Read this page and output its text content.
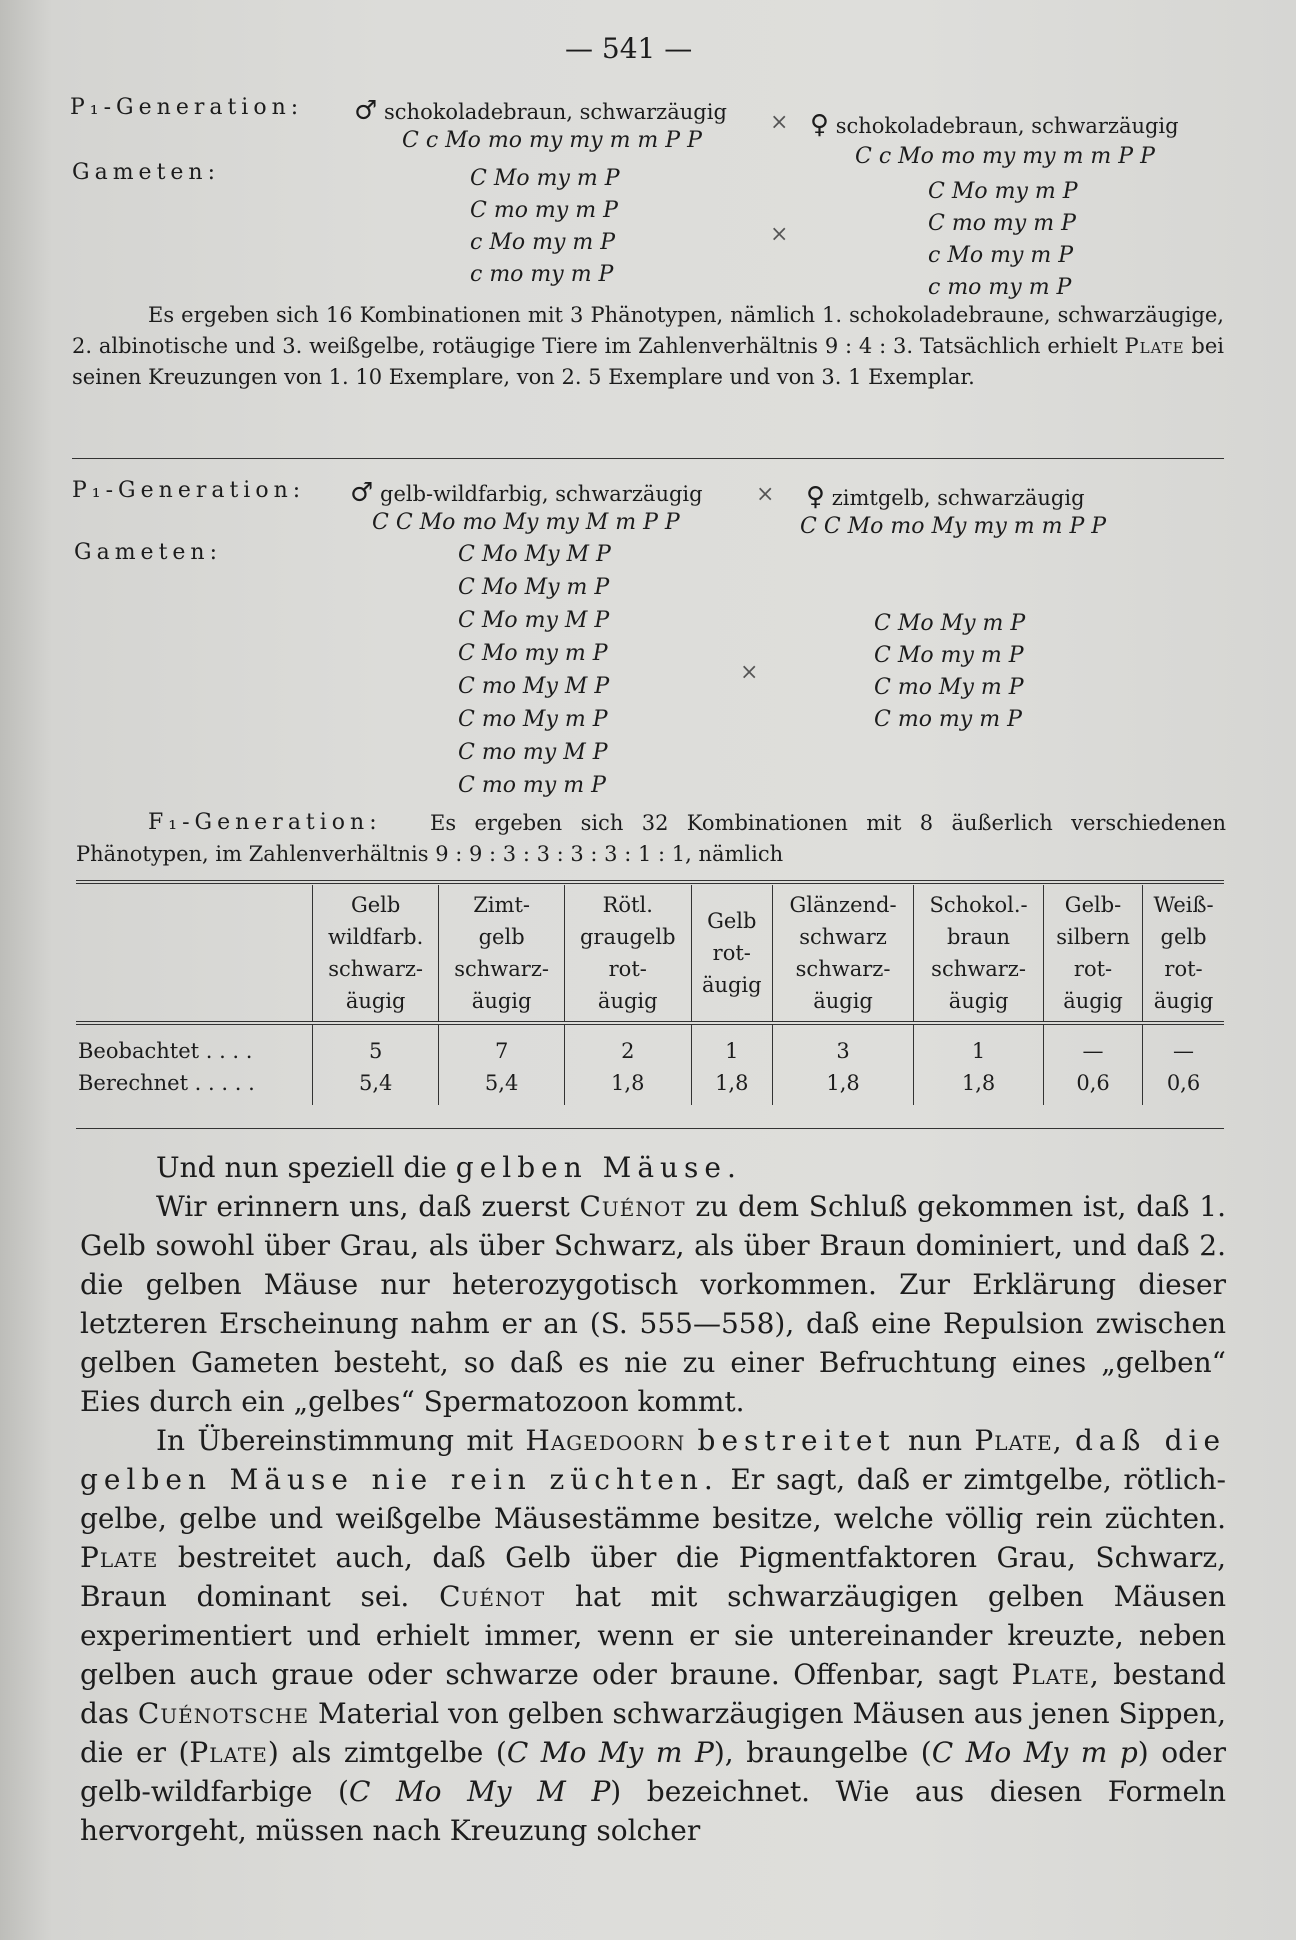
— 541 —
P₁-Generation: ♂ schokoladebraun, schwarzäugig × ♀ schokoladebraun, schwarzäugig
C c Mo mo my my m m P P
C c Mo mo my my m m P P
Gameten:	C Mo my m P
C mo my m P
c Mo my m P
c mo my m P
×
C Mo my m P
C mo my m P
c Mo my m P
c mo my m P

Es ergeben sich 16 Kombinationen mit 3 Phänotypen, nämlich 1. schokoladebraune, schwarzäugige, 2. albinotische und 3. weißgelbe, rotäugige Tiere im Zahlenverhältnis 9 : 4 : 3. Tatsächlich erhielt Plate bei seinen Kreuzungen von 1. 10 Exemplare, von 2. 5 Exemplare und von 3. 1 Exemplar.

P₁-Generation: ♂ gelb-wildfarbig, schwarzäugig × ♀ zimtgelb, schwarzäugig
C C Mo mo My my M m P P	C C Mo mo My my m m P P
Gameten:	C Mo My M P
C Mo My m P
C Mo my M P
C Mo my m P
C mo My M P
C mo My m P
C mo my M P
C mo my m P
×
C Mo My m P
C Mo my m P
C mo My m P
C mo my m P
F₁-Generation: Es ergeben sich 32 Kombinationen mit 8 äußerlich verschiedenen
Phänotypen, im Zahlenverhältnis 9 : 9 : 3 : 3 : 3 : 3 : 1 : 1, nämlich
	Gelb
wildfarb.
schwarz-
äugig	Zimt-
gelb
schwarz-
äugig	Rötl.
graugelb
rot-
äugig	Gelb
rot-
äugig	Glänzend-
schwarz
schwarz-
äugig	Schokol.-
braun
schwarz-
äugig	Gelb-
silbern
rot-
äugig	Weiß-
gelb
rot-
äugig
Beobachtet . . . .	5	7	2	1	3	1	—	—
Berechnet . . . . .	5,4	5,4	1,8	1,8	1,8	1,8	0,6	0,6

Und nun speziell die gelben Mäuse.

Wir erinnern uns, daß zuerst Cuénot zu dem Schluß gekommen ist, daß 1. Gelb sowohl über Grau, als über Schwarz, als über Braun dominiert, und daß 2. die gelben Mäuse nur heterozygotisch vorkommen. Zur Erklärung dieser letzteren Erscheinung nahm er an (S. 555—558), daß eine Repulsion zwischen gelben Gameten besteht, so daß es nie zu einer Befruchtung eines „gelben“ Eies durch ein „gelbes“ Spermatozoon kommt.

In Übereinstimmung mit Hagedoorn bestreitet nun Plate, daß die gelben Mäuse nie rein züchten. Er sagt, daß er zimtgelbe, rötlich-gelbe, gelbe und weißgelbe Mäusestämme besitze, welche völlig rein züchten. Plate bestreitet auch, daß Gelb über die Pigmentfaktoren Grau, Schwarz, Braun dominant sei. Cuénot hat mit schwarzäugigen gelben Mäusen experimentiert und erhielt immer, wenn er sie untereinander kreuzte, neben gelben auch graue oder schwarze oder braune. Offenbar, sagt Plate, bestand das Cuénotsche Material von gelben schwarzäugigen Mäusen aus jenen Sippen, die er (Plate) als zimtgelbe (C Mo My m P), braungelbe (C Mo My m p) oder gelb-wildfarbige (C Mo My M P) bezeichnet. Wie aus diesen Formeln hervorgeht, müssen nach Kreuzung solcher
